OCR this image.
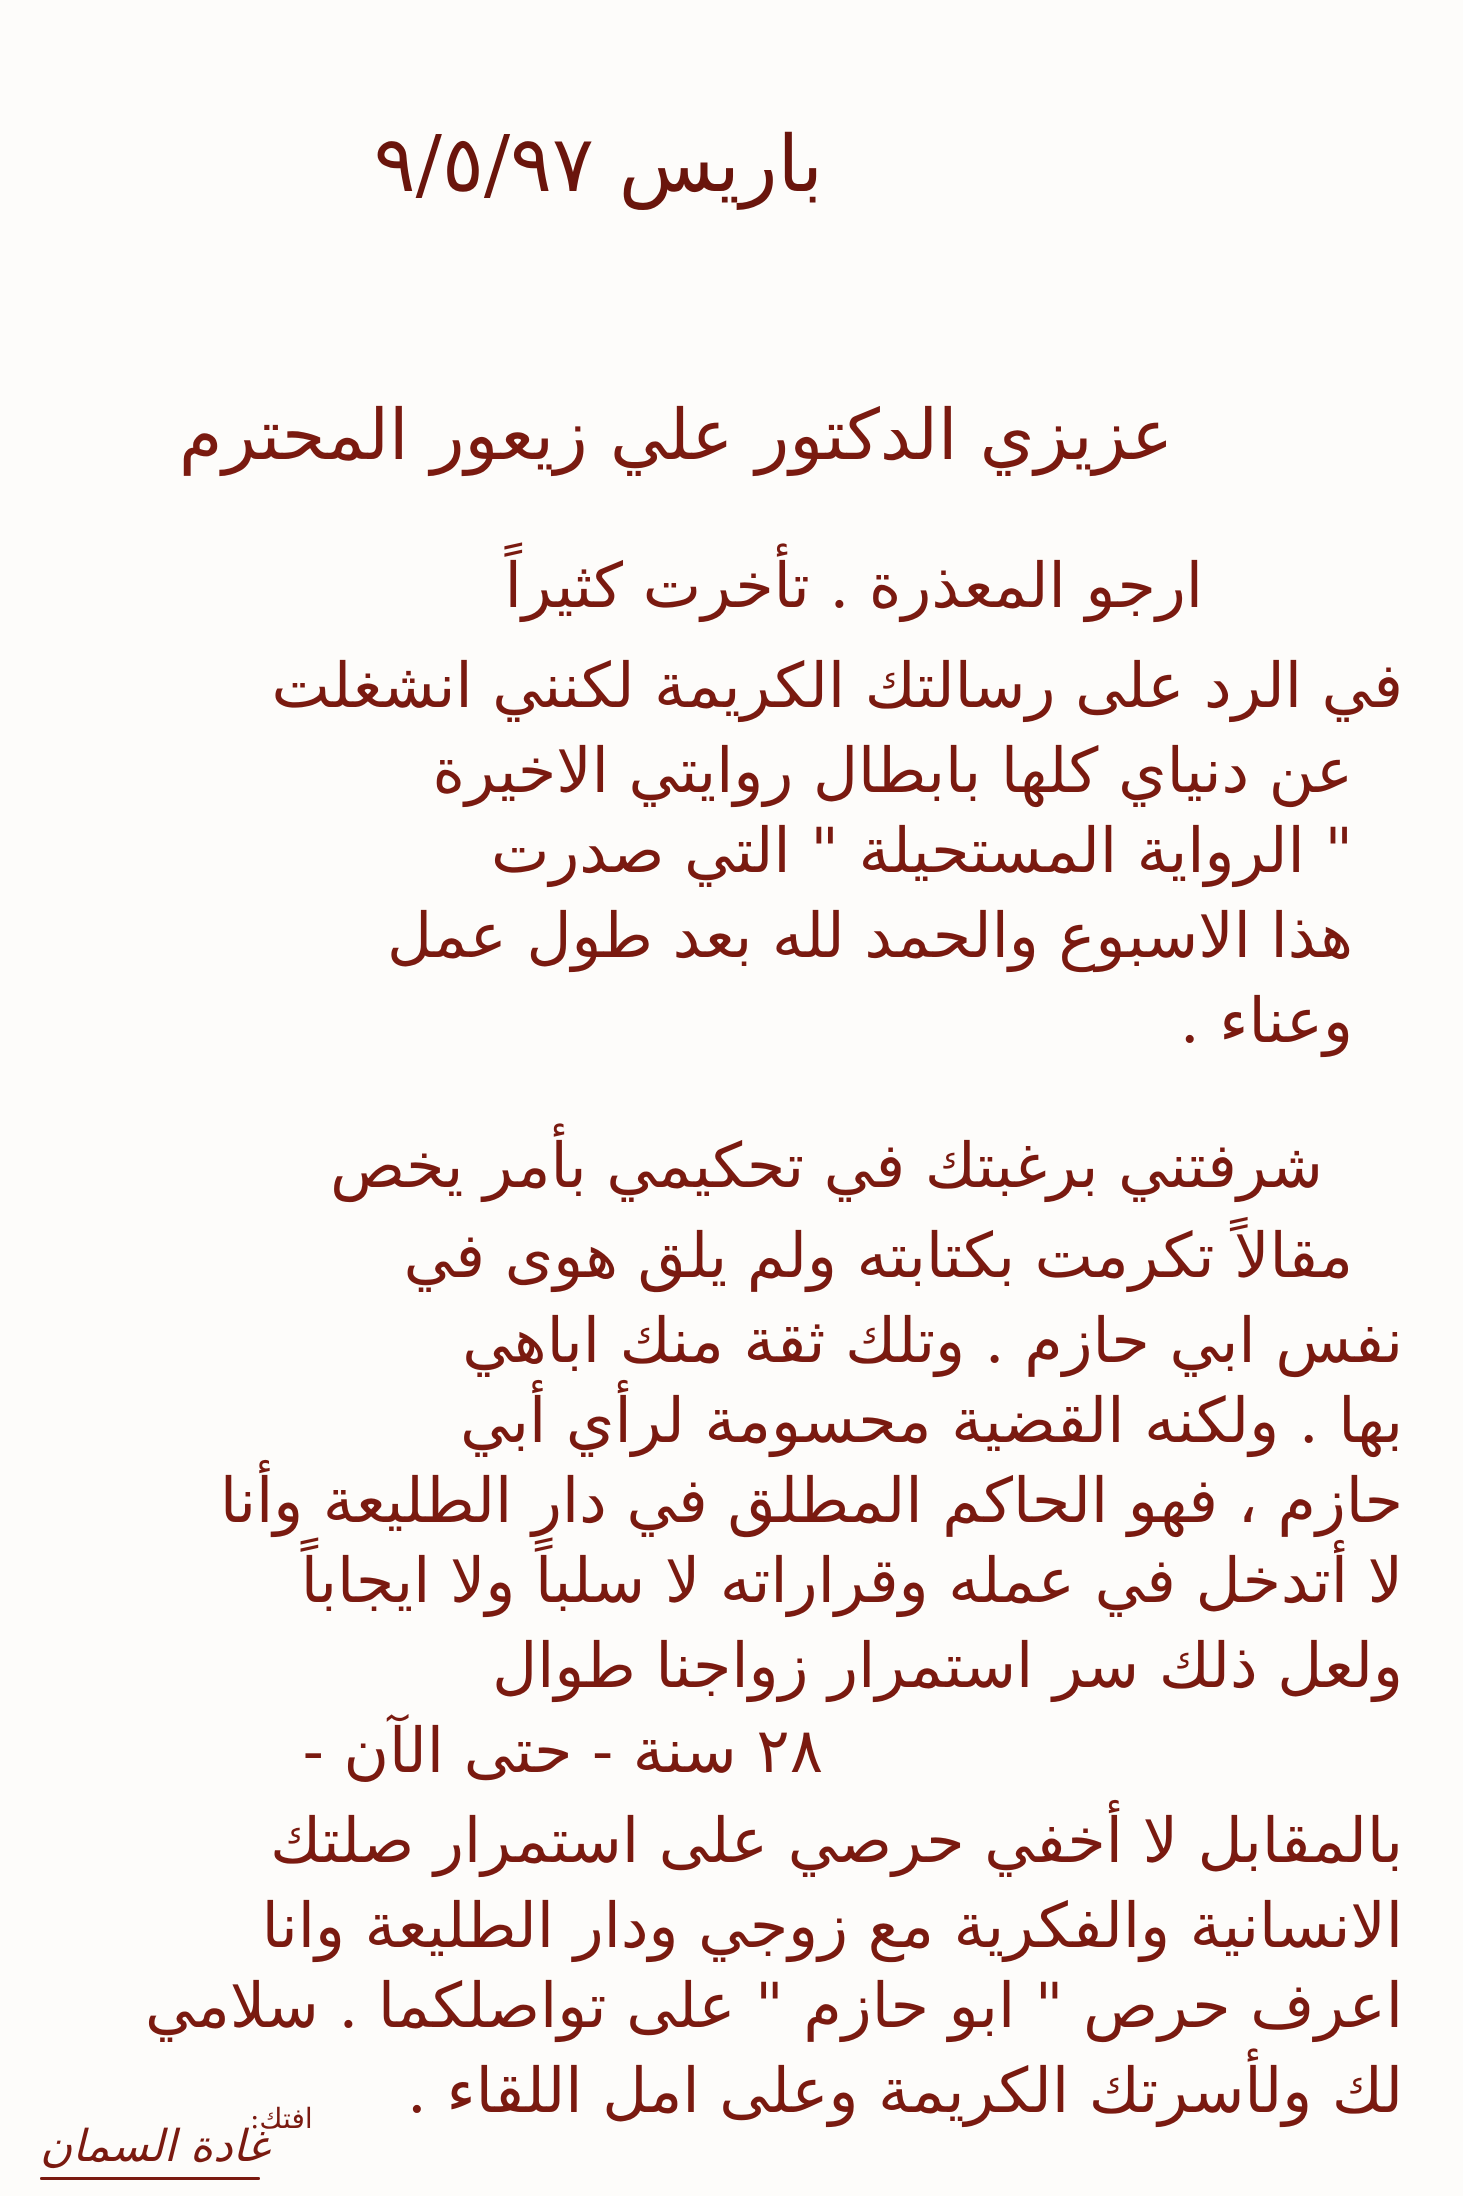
باريس ٩/٥/٩٧
عزيزي الدكتور علي زيعور المحترم
ارجو المعذرة . تأخرت كثيراً
في الرد على رسالتك الكريمة لكنني انشغلت
عن دنياي كلها بابطال روايتي الاخيرة
" الرواية المستحيلة " التي صدرت
هذا الاسبوع والحمد لله بعد طول عمل
وعناء .
شرفتني برغبتك في تحكيمي بأمر يخص
مقالاً تكرمت بكتابته ولم يلق هوى في
نفس ابي حازم . وتلك ثقة منك اباهي
بها . ولكنه القضية محسومة لرأي أبي
حازم ، فهو الحاكم المطلق في دار الطليعة وأنا
لا أتدخل في عمله وقراراته لا سلباً ولا ايجاباً
ولعل ذلك سر استمرار زواجنا طوال
٢٨ سنة - حتى الآن -
بالمقابل لا أخفي حرصي على استمرار صلتك
الانسانية والفكرية مع زوجي ودار الطليعة وانا
اعرف حرص " ابو حازم " على تواصلكما . سلامي
لك ولأسرتك الكريمة وعلى امل اللقاء .
افتك:
غادة السمان
